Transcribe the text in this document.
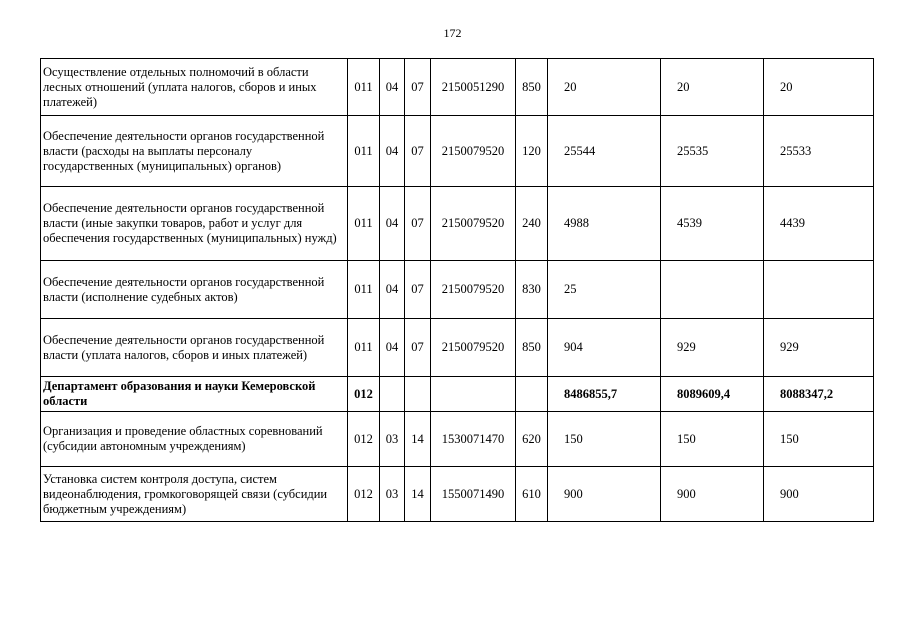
172
Осуществление отдельных полномочий в области лесных отношений (уплата налогов, сборов и иных платежей)	011	04	07	2150051290	850	20	20	20
Обеспечение деятельности органов государственной власти (расходы на выплаты персоналу государственных (муниципальных) органов)	011	04	07	2150079520	120	25544	25535	25533
Обеспечение деятельности органов государственной власти (иные закупки товаров, работ и услуг для обеспечения государственных (муниципальных) нужд)	011	04	07	2150079520	240	4988	4539	4439
Обеспечение деятельности органов государственной власти (исполнение судебных актов)	011	04	07	2150079520	830	25		
Обеспечение деятельности органов государственной власти (уплата налогов, сборов и иных платежей)	011	04	07	2150079520	850	904	929	929
Департамент образования и науки Кемеровской области	012					8486855,7	8089609,4	8088347,2
Организация и проведение областных соревнований (субсидии автономным учреждениям)	012	03	14	1530071470	620	150	150	150
Установка систем контроля доступа, систем видеонаблюдения, громкоговорящей связи (субсидии бюджетным учреждениям)	012	03	14	1550071490	610	900	900	900
